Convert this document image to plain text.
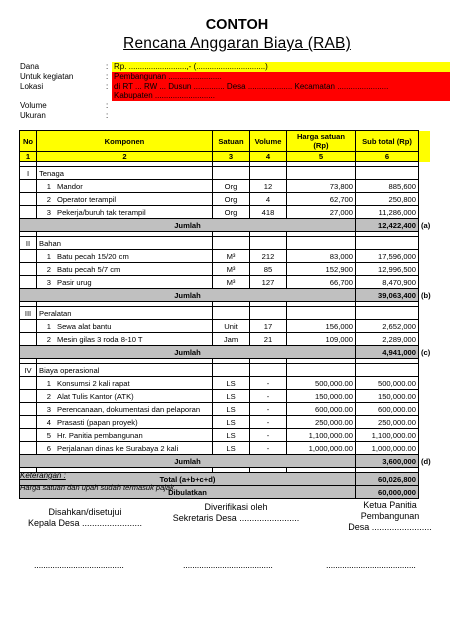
CONTOH
Rencana Anggaran Biaya (RAB)
Dana	: Rp. ..........................,- (...............................)
Untuk kegiatan	: Pembangunan ........................
Lokasi	: di RT ... RW ... Dusun .............. Desa .................... Kecamatan .......................
Kabupaten ...........................
Volume	:
Ukuran	:
No	Komponen	Satuan	Volume	Harga satuan (Rp)	Sub total (Rp)	
1	2	3	4	5	6	

I	Tenaga					
	1 Mandor	Org	12	73,800	885,600	
	2 Operator terampil	Org	4	62,700	250,800	
	3 Pekerja/buruh tak terampil	Org	418	27,000	11,286,000	
Jumlah					12,422,400	(a)

II	Bahan					
	1 Batu pecah 15/20 cm	M³	212	83,000	17,596,000	
	2 Batu pecah 5/7 cm	M³	85	152,900	12,996,500	
	3 Pasir urug	M³	127	66,700	8,470,900	
Jumlah					39,063,400	(b)

III	Peralatan					
	1 Sewa alat bantu	Unit	17	156,000	2,652,000	
	2 Mesin gilas 3 roda 8-10 T	Jam	21	109,000	2,289,000	
Jumlah					4,941,000	(c)

IV	Biaya operasional					
	1 Konsumsi 2 kali rapat	LS	-	500,000.00	500,000.00	
	2 Alat Tulis Kantor (ATK)	LS	-	150,000.00	150,000.00	
	3 Perencanaan, dokumentasi dan pelaporan	LS	-	600,000.00	600,000.00	
	4 Prasasti (papan proyek)	LS	-	250,000.00	250,000.00	
	5 Hr. Panitia pembangunan	LS	-	1,100,000.00	1,100,000.00	
	6 Perjalanan dinas ke Surabaya 2 kali	LS	-	1,000,000.00	1,000,000.00	
Jumlah					3,600,000	(d)

Total (a+b+c+d)					60,026,800	
Dibulatkan					60,000,000	
Keterangan :
Harga satuan dan upah sudah termasuk pajak
Disahkan/disetujui
Kepala Desa ........................
Diverifikasi oleh
Sekretaris Desa ........................
Ketua Panitia
Pembangunan
Desa ........................
.......................................	.......................................	.......................................
